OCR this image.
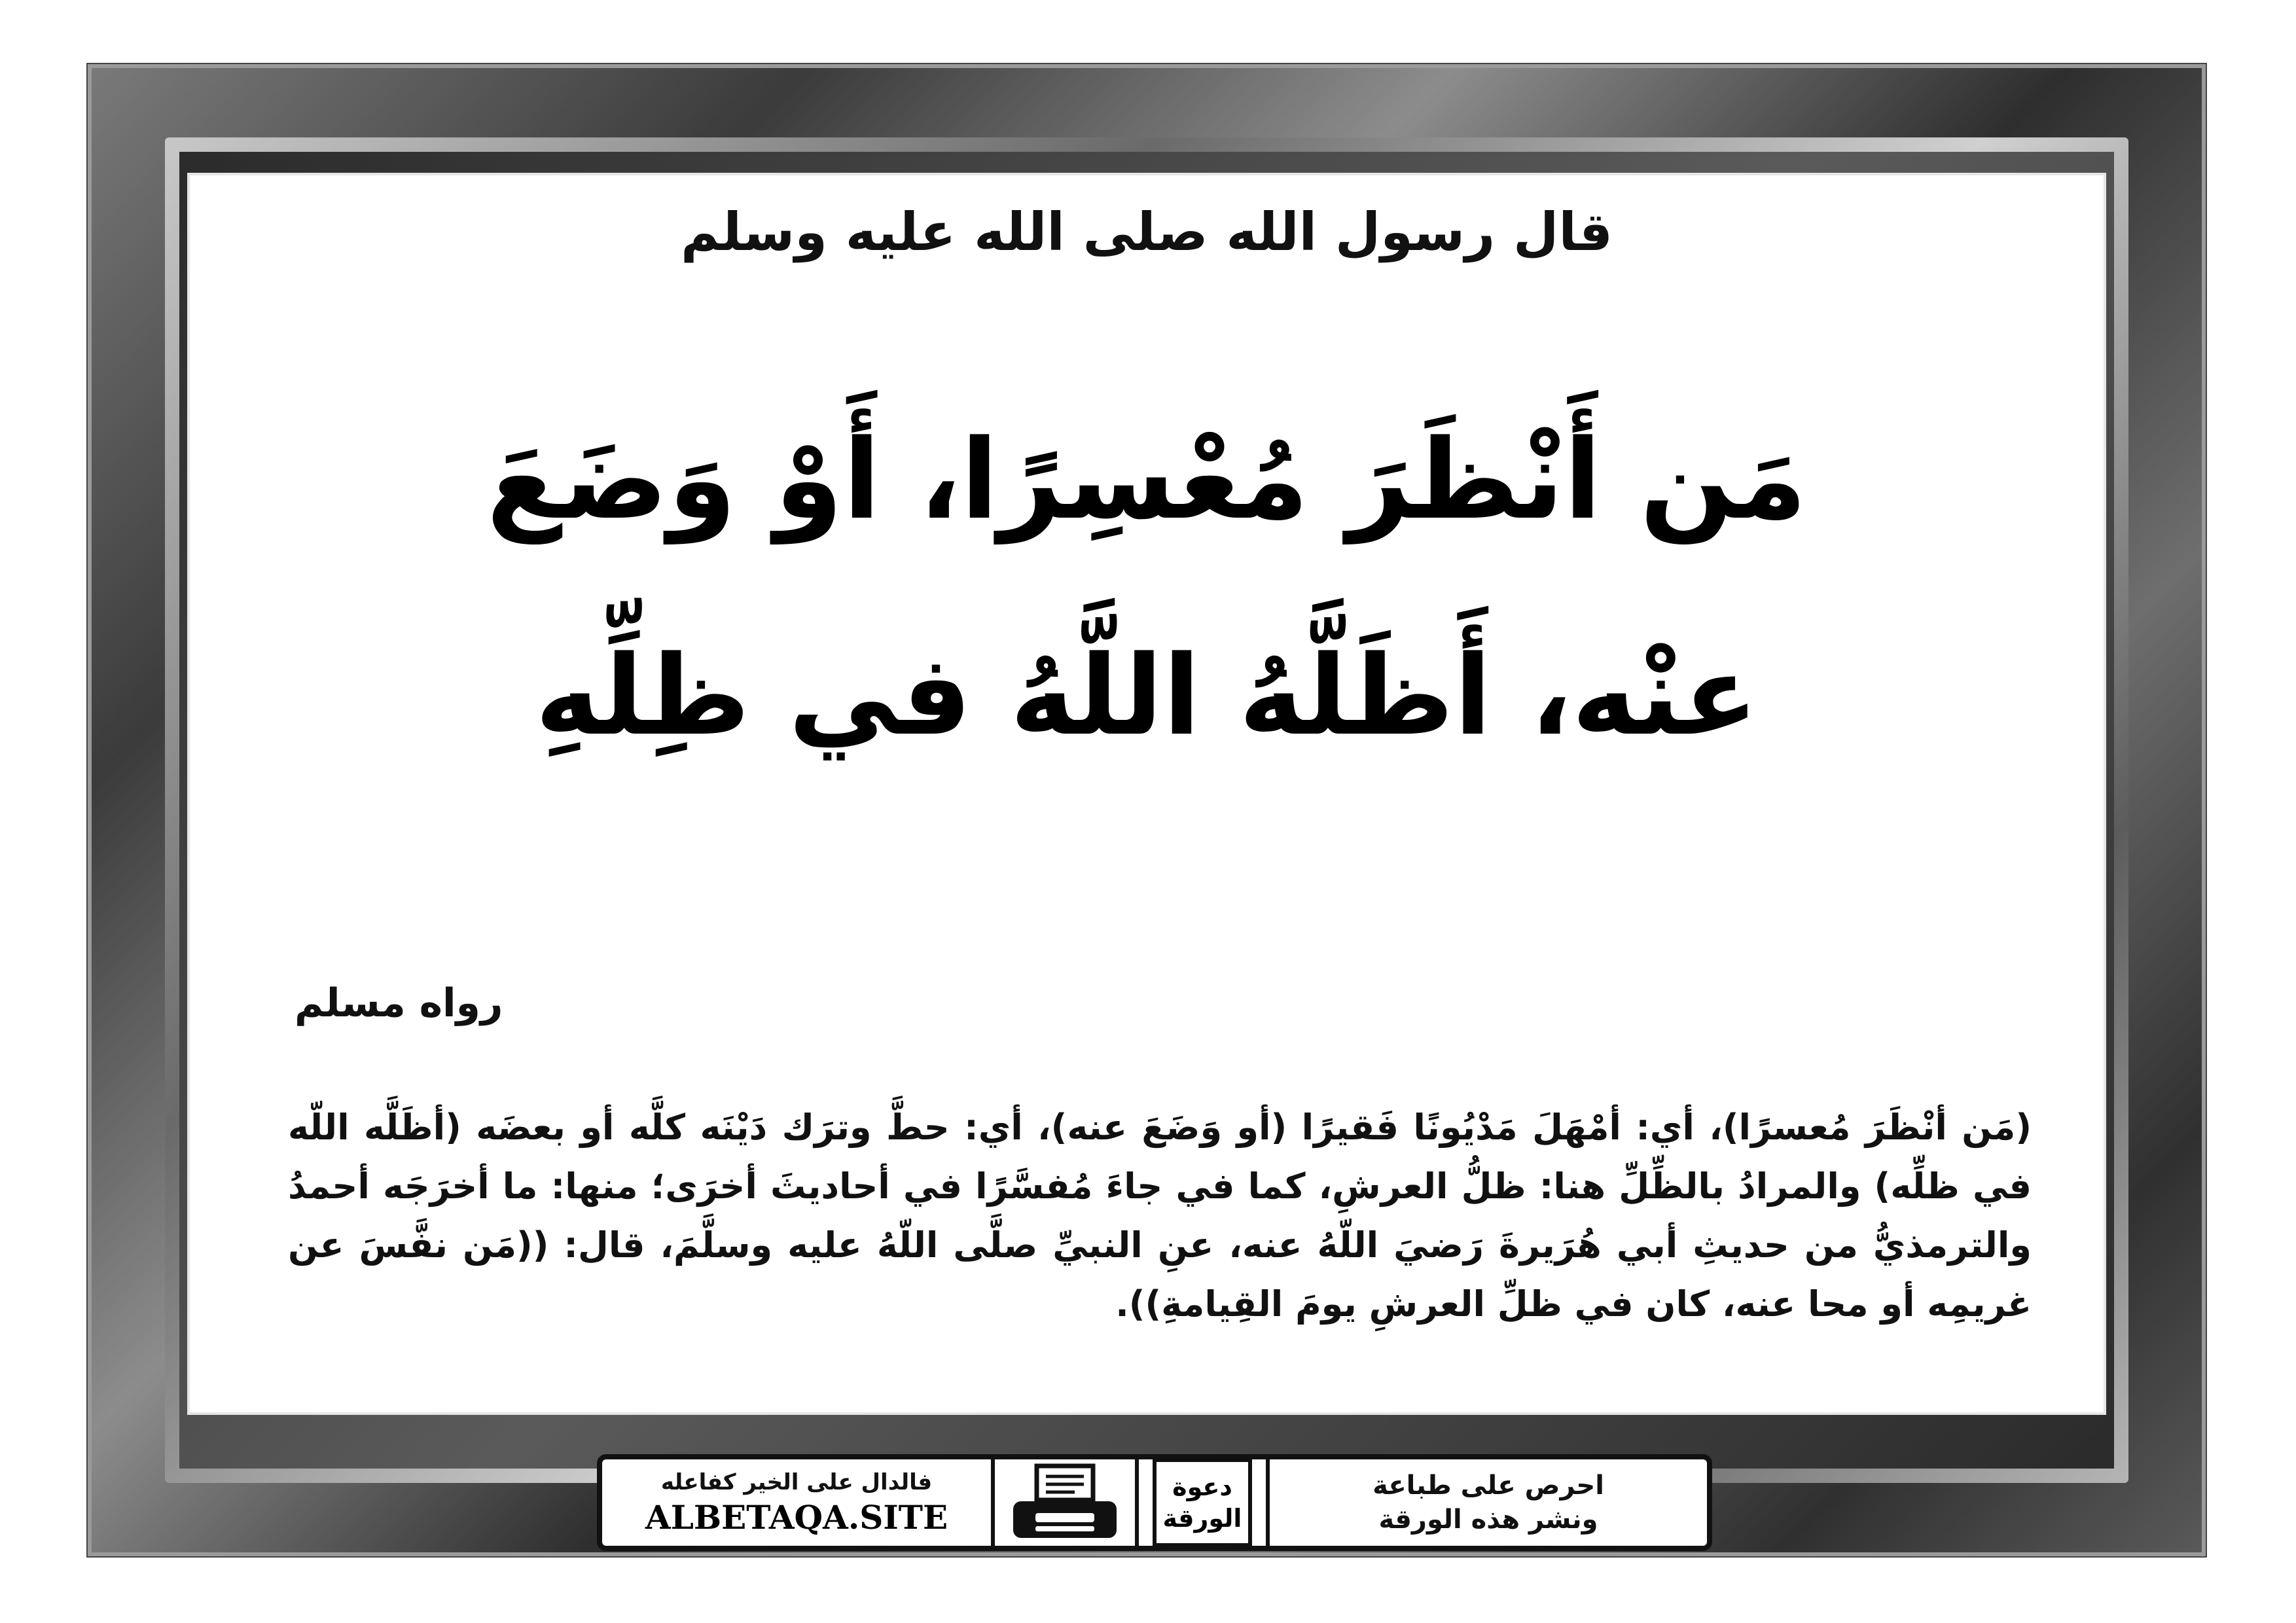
قال رسول الله صلى الله عليه وسلم
مَن أَنْظَرَ مُعْسِرًا، أَوْ وَضَعَ
عنْه، أَظَلَّهُ اللَّهُ في ظِلِّهِ
رواه مسلم
(مَن أنْظَرَ مُعسرًا)، أي: أمْهَلَ مَدْيُونًا فَقيرًا (أو وَضَعَ عنه)، أي: حطَّ وترَك دَيْنَه كلَّه أو بعضَه (أظَلَّه اللّه في ظلِّه) والمرادُ بالظِّلِّ هنا: ظلُّ العرشِ، كما في جاءَ مُفسَّرًا في أحاديثَ أخرَى؛ منها: ما أخرَجَه أحمدُ والترمذيُّ من حديثِ أبي هُرَيرةَ رَضيَ اللّهُ عنه، عنِ النبيِّ صلَّى اللّهُ عليه وسلَّمَ، قال: ((مَن نفَّسَ عن غريمِه أو محا عنه، كان في ظلِّ العرشِ يومَ القِيامةِ)).
فالدال على الخير كفاعله
ALBETAQA.SITE
دعوة
الورقة
احرص على طباعة
ونشر هذه الورقة
